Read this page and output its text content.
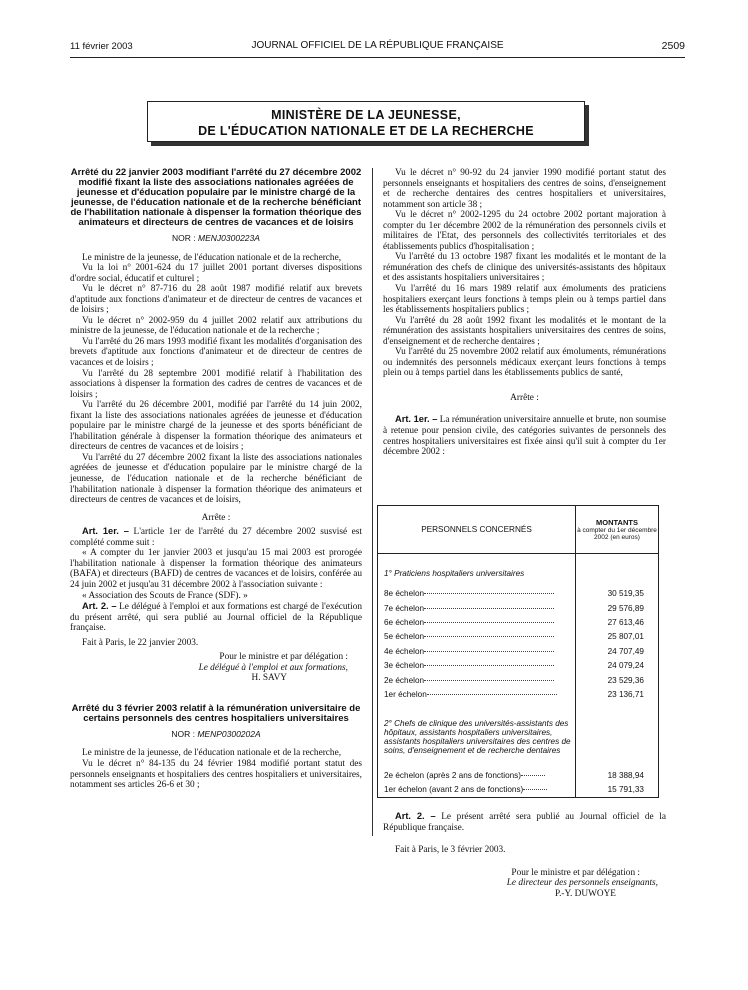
11 février 2003	JOURNAL OFFICIEL DE LA RÉPUBLIQUE FRANÇAISE	2509
MINISTÈRE DE LA JEUNESSE,
DE L'ÉDUCATION NATIONALE ET DE LA RECHERCHE

Arrêté du 22 janvier 2003 modifiant l'arrêté du 27 décembre 2002 modifié fixant la liste des associations nationales agréées de jeunesse et d'éducation populaire par le ministre chargé de la jeunesse, de l'éducation nationale et de la recherche bénéficiant de l'habilitation nationale à dispenser la formation théorique des animateurs et directeurs de centres de vacances et de loisirs

NOR : MENJ0300223A

Le ministre de la jeunesse, de l'éducation nationale et de la recherche,

Vu la loi n° 2001-624 du 17 juillet 2001 portant diverses dispositions d'ordre social, éducatif et culturel ;

Vu le décret n° 87-716 du 28 août 1987 modifié relatif aux brevets d'aptitude aux fonctions d'animateur et de directeur de centres de vacances et de loisirs ;

Vu le décret n° 2002-959 du 4 juillet 2002 relatif aux attributions du ministre de la jeunesse, de l'éducation nationale et de la recherche ;

Vu l'arrêté du 26 mars 1993 modifié fixant les modalités d'organisation des brevets d'aptitude aux fonctions d'animateur et de directeur de centres de vacances et de loisirs ;

Vu l'arrêté du 28 septembre 2001 modifié relatif à l'habilitation des associations à dispenser la formation des cadres de centres de vacances et de loisirs ;

Vu l'arrêté du 26 décembre 2001, modifié par l'arrêté du 14 juin 2002, fixant la liste des associations nationales agréées de jeunesse et d'éducation populaire par le ministre chargé de la jeunesse et des sports bénéficiant de l'habilitation générale à dispenser la formation théorique des animateurs et directeurs de centres de vacances et de loisirs ;

Vu l'arrêté du 27 décembre 2002 fixant la liste des associations nationales agréées de jeunesse et d'éducation populaire par le ministre chargé de la jeunesse, de l'éducation nationale et de la recherche bénéficiant de l'habilitation nationale à dispenser la formation théorique des animateurs et directeurs de centres de vacances et de loisirs,

Arrête :

Art. 1er. – L'article 1er de l'arrêté du 27 décembre 2002 susvisé est complété comme suit :

« A compter du 1er janvier 2003 et jusqu'au 15 mai 2003 est prorogée l'habilitation nationale à dispenser la formation théorique des animateurs (BAFA) et directeurs (BAFD) de centres de vacances et de loisirs, conférée au 24 juin 2002 et jusqu'au 31 décembre 2002 à l'association suivante :

« Association des Scouts de France (SDF). »

Art. 2. – Le délégué à l'emploi et aux formations est chargé de l'exécution du présent arrêté, qui sera publié au Journal officiel de la République française.

Fait à Paris, le 22 janvier 2003.

Pour le ministre et par délégation :

Le délégué à l'emploi et aux formations,

H. SAVY

Arrêté du 3 février 2003 relatif à la rémunération universitaire de certains personnels des centres hospitaliers universitaires

NOR : MENP0300202A

Le ministre de la jeunesse, de l'éducation nationale et de la recherche,

Vu le décret n° 84-135 du 24 février 1984 modifié portant statut des personnels enseignants et hospitaliers des centres hospitaliers et universitaires, notamment ses articles 26-6 et 30 ;

Vu le décret n° 90-92 du 24 janvier 1990 modifié portant statut des personnels enseignants et hospitaliers des centres de soins, d'enseignement et de recherche dentaires des centres hospitaliers et universitaires, notamment son article 38 ;

Vu le décret n° 2002-1295 du 24 octobre 2002 portant majoration à compter du 1er décembre 2002 de la rémunération des personnels civils et militaires de l'Etat, des personnels des collectivités territoriales et des établissements publics d'hospitalisation ;

Vu l'arrêté du 13 octobre 1987 fixant les modalités et le montant de la rémunération des chefs de clinique des universités-assistants des hôpitaux et des assistants hospitaliers universitaires ;

Vu l'arrêté du 16 mars 1989 relatif aux émoluments des praticiens hospitaliers exerçant leurs fonctions à temps plein ou à temps partiel dans les établissements hospitaliers publics ;

Vu l'arrêté du 28 août 1992 fixant les modalités et le montant de la rémunération des assistants hospitaliers universitaires des centres de soins, d'enseignement et de recherche dentaires ;

Vu l'arrêté du 25 novembre 2002 relatif aux émoluments, rémunérations ou indemnités des personnels médicaux exerçant leurs fonctions à temps plein ou à temps partiel dans les établissements publics de santé,

Arrête :

Art. 1er. – La rémunération universitaire annuelle et brute, non soumise à retenue pour pension civile, des catégories suivantes de personnels des centres hospitaliers universitaires est fixée ainsi qu'il suit à compter du 1er décembre 2002 :

PERSONNELS CONCERNÉS	MONTANTS
à compter du 1er décembre 2002 (en euros)
1° Praticiens hospitaliers universitaires	
8e échelon	30 519,35
7e échelon	29 576,89
6e échelon	27 613,46
5e échelon	25 807,01
4e échelon	24 707,49
3e échelon	24 079,24
2e échelon	23 529,36
1er échelon	23 136,71
2° Chefs de clinique des universités-assistants des hôpitaux, assistants hospitaliers universitaires, assistants hospitaliers universitaires des centres de soins, d'enseignement et de recherche dentaires	
2e échelon (après 2 ans de fonctions)	18 388,94
1er échelon (avant 2 ans de fonctions)	15 791,33

Art. 2. – Le présent arrêté sera publié au Journal officiel de la République française.

Fait à Paris, le 3 février 2003.

Pour le ministre et par délégation :

Le directeur des personnels enseignants,

P.-Y. DUWOYE
